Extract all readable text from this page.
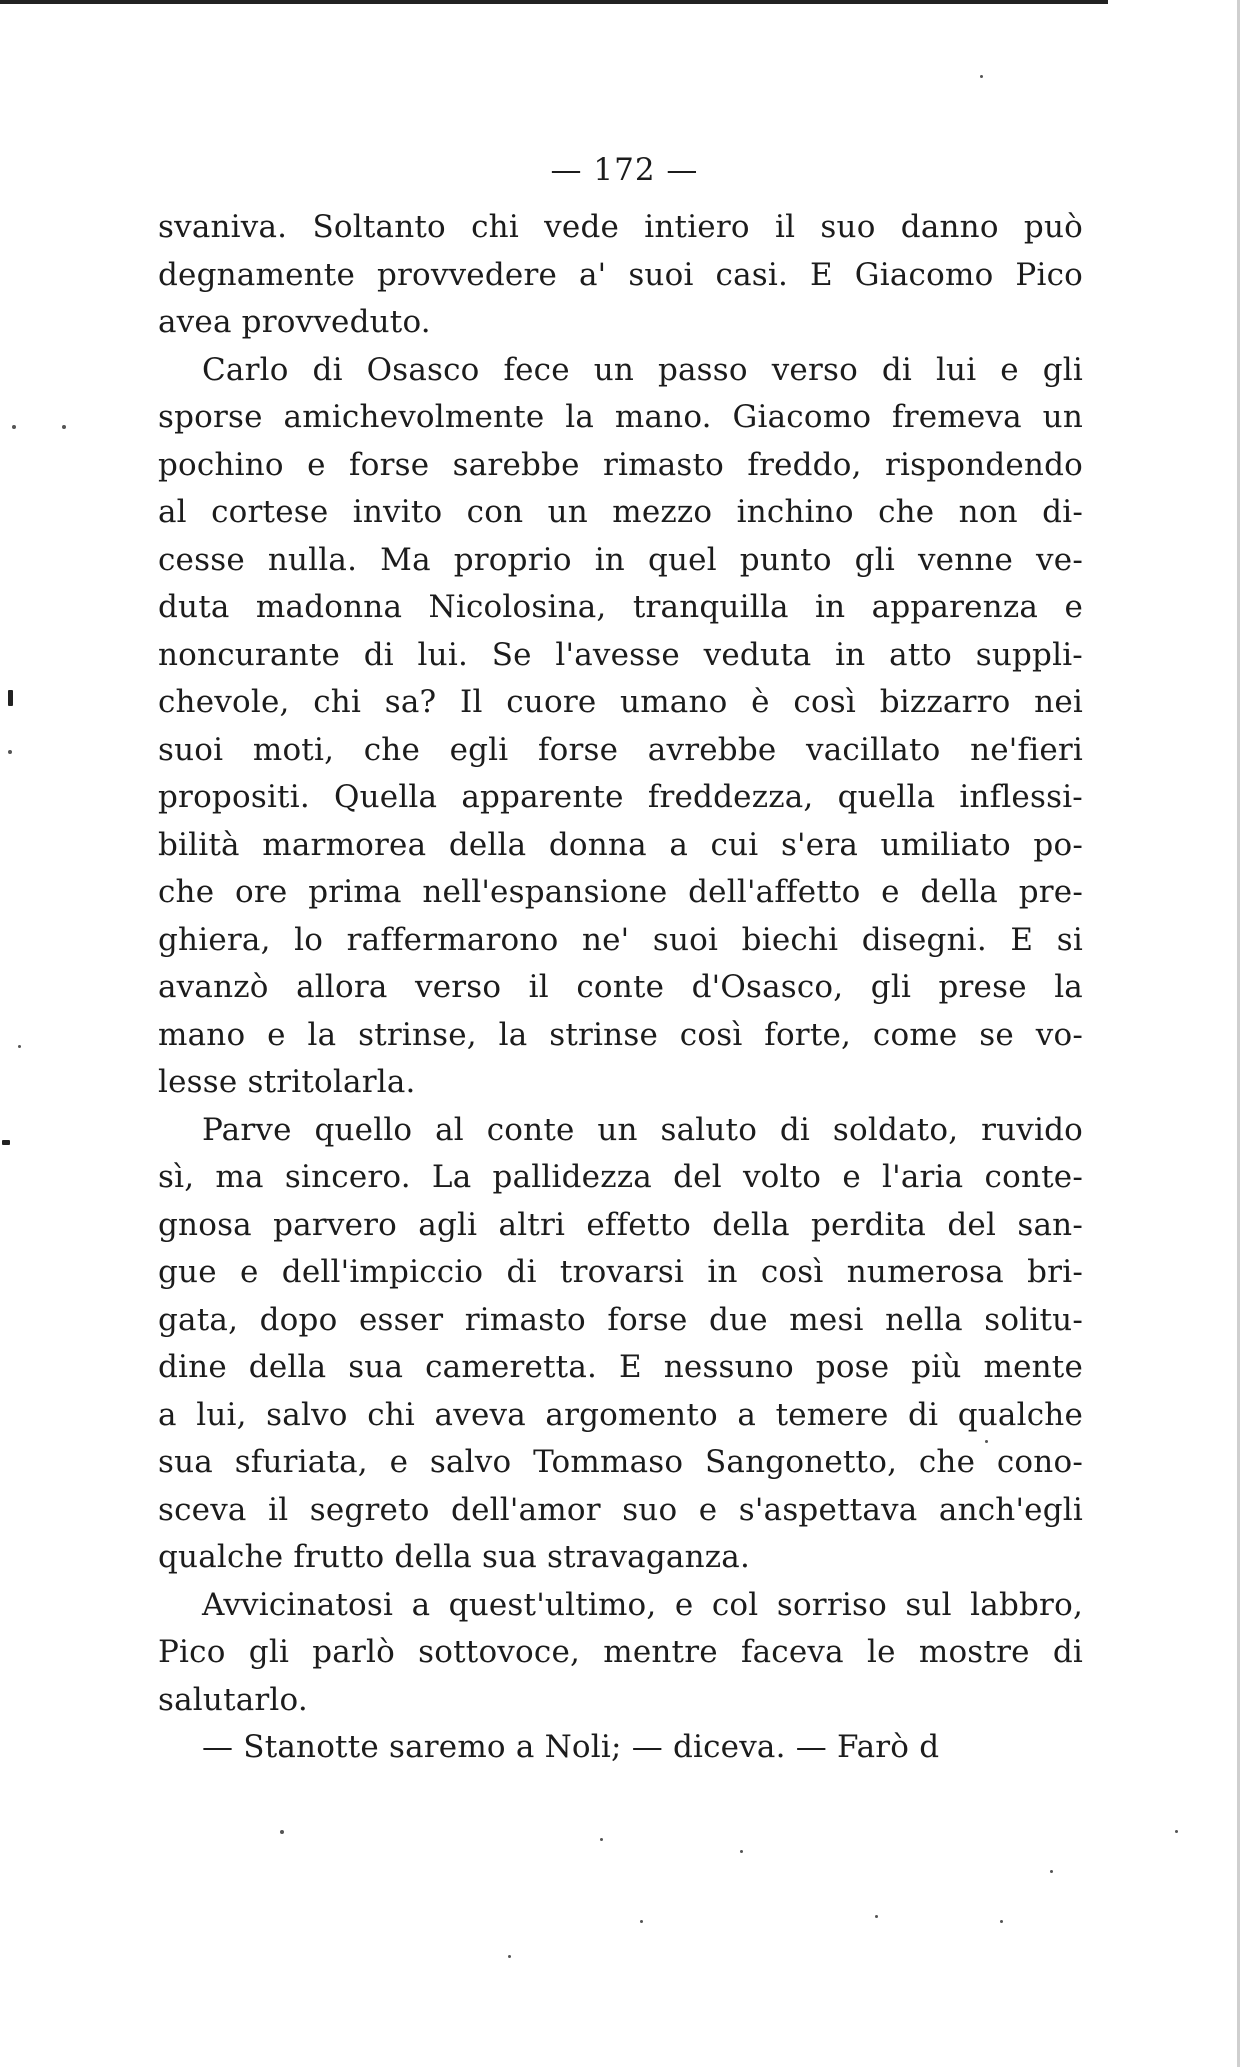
— 172 —
svaniva. Soltanto chi vede intiero il suo danno può
degnamente provvedere a' suoi casi. E Giacomo Pico
avea provveduto.
Carlo di Osasco fece un passo verso di lui e gli
sporse amichevolmente la mano. Giacomo fremeva un
pochino e forse sarebbe rimasto freddo, rispondendo
al cortese invito con un mezzo inchino che non di-
cesse nulla. Ma proprio in quel punto gli venne ve-
duta madonna Nicolosina, tranquilla in apparenza e
noncurante di lui. Se l'avesse veduta in atto suppli-
chevole, chi sa? Il cuore umano è così bizzarro nei
suoi moti, che egli forse avrebbe vacillato ne'fieri
propositi. Quella apparente freddezza, quella inflessi-
bilità marmorea della donna a cui s'era umiliato po-
che ore prima nell'espansione dell'affetto e della pre-
ghiera, lo raffermarono ne' suoi biechi disegni. E si
avanzò allora verso il conte d'Osasco, gli prese la
mano e la strinse, la strinse così forte, come se vo-
lesse stritolarla.
Parve quello al conte un saluto di soldato, ruvido
sì, ma sincero. La pallidezza del volto e l'aria conte-
gnosa parvero agli altri effetto della perdita del san-
gue e dell'impiccio di trovarsi in così numerosa bri-
gata, dopo esser rimasto forse due mesi nella solitu-
dine della sua cameretta. E nessuno pose più mente
a lui, salvo chi aveva argomento a temere di qualche
sua sfuriata, e salvo Tommaso Sangonetto, che cono-
sceva il segreto dell'amor suo e s'aspettava anch'egli
qualche frutto della sua stravaganza.
Avvicinatosi a quest'ultimo, e col sorriso sul labbro,
Pico gli parlò sottovoce, mentre faceva le mostre di
salutarlo.
— Stanotte saremo a Noli; — diceva. — Farò d
